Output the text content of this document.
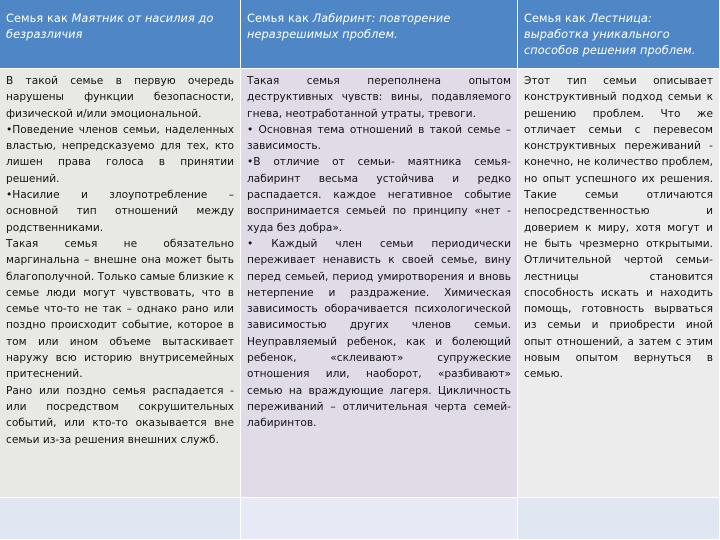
Семья как Маятник от насилия до безразличия
Семья как Лабиринт: повторение неразрешимых проблем.
Семья как Лестница: выработка уникального способов решения проблем.

В такой семье в первую очередь нарушены функции безопасности, физической и/или эмоциональной.

•Поведение членов семьи, наделенных властью, непредсказуемо для тех, кто лишен права голоса в принятии решений.

•Насилие и злоупотребление – основной тип отношений между родственниками.

Такая семья не обязательно маргинальна – внешне она может быть благополучной. Только самые близкие к семье люди могут чувствовать, что в семье что-то не так – однако рано или поздно происходит событие, которое в том или ином объеме вытаскивает наружу всю историю внутрисемейных притеснений.

Рано или поздно семья распадается - или посредством сокрушительных событий, или кто-то оказывается вне семьи из-за решения внешних служб.

Такая семья переполнена опытом деструктивных чувств: вины, подавляемого гнева, неотработанной утраты, тревоги.

• Основная тема отношений в такой семье – зависимость.

•В отличие от семьи- маятника семья-лабиринт весьма устойчива и редко распадается. каждое негативное событие воспринимается семьей по принципу «нет - худа без добра».

• Каждый член семьи периодически переживает ненависть к своей семье, вину перед семьей, период умиротворения и вновь нетерпение и раздражение. Химическая зависимость оборачивается психологической зависимостью других членов семьи. Неуправляемый ребенок, как и болеющий ребенок, «склеивают» супружеские отношения или, наоборот, «разбивают» семью на враждующие лагеря. Цикличность переживаний – отличительная черта семей-лабиринтов.

Этот тип семьи описывает конструктивный подход семьи к решению проблем. Что же отличает семьи с перевесом конструктивных переживаний - конечно, не количество проблем, но опыт успешного их решения. Такие семьи отличаются непосредственностью и доверием к миру, хотя могут и не быть чрезмерно открытыми. Отличительной чертой семьи-лестницы становится способность искать и находить помощь, готовность вырваться из семьи и приобрести иной опыт отношений, а затем с этим новым опытом вернуться в семью.
